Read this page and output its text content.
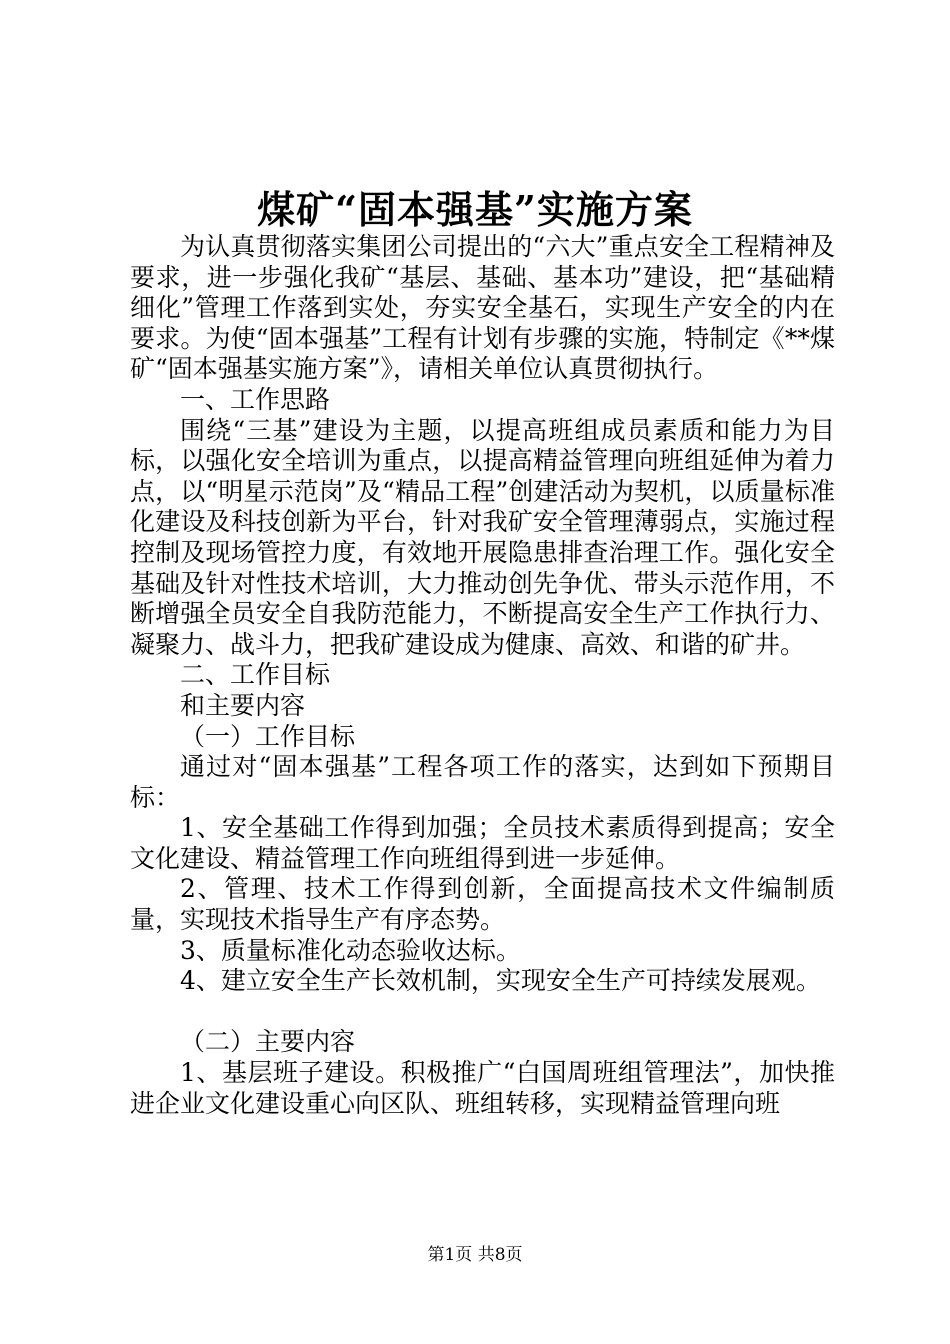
煤矿“固本强基”实施方案

为认真贯彻落实集团公司提出的“六大”重点安全工程精神及要求，进一步强化我矿“基层、基础、基本功”建设，把“基础精细化”管理工作落到实处，夯实安全基石，实现生产安全的内在要求。为使“固本强基”工程有计划有步骤的实施，特制定《**煤矿“固本强基实施方案”》，请相关单位认真贯彻执行。

一、工作思路

围绕“三基”建设为主题，以提高班组成员素质和能力为目标，以强化安全培训为重点，以提高精益管理向班组延伸为着力点，以“明星示范岗”及“精品工程”创建活动为契机，以质量标准化建设及科技创新为平台，针对我矿安全管理薄弱点，实施过程控制及现场管控力度，有效地开展隐患排查治理工作。强化安全基础及针对性技术培训，大力推动创先争优、带头示范作用，不断增强全员安全自我防范能力，不断提高安全生产工作执行力、凝聚力、战斗力，把我矿建设成为健康、高效、和谐的矿井。

二、工作目标

和主要内容

（一）工作目标

通过对“固本强基”工程各项工作的落实，达到如下预期目标：

1、安全基础工作得到加强；全员技术素质得到提高；安全文化建设、精益管理工作向班组得到进一步延伸。

2、管理、技术工作得到创新，全面提高技术文件编制质量，实现技术指导生产有序态势。

3、质量标准化动态验收达标。

4、建立安全生产长效机制，实现安全生产可持续发展观。

（二）主要内容

1、基层班子建设。积极推广“白国周班组管理法”，加快推进企业文化建设重心向区队、班组转移，实现精益管理向班

第1页 共8页
